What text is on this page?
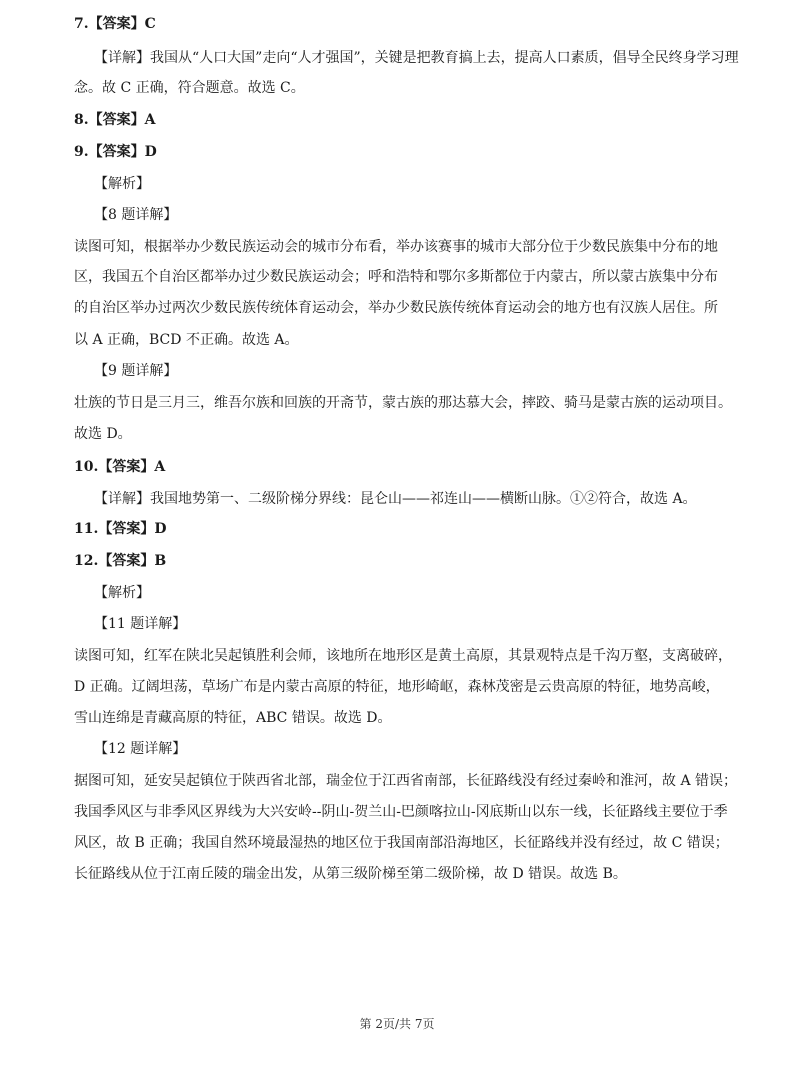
7.【答案】C
【详解】我国从“人口大国”走向“人才强国”，关键是把教育搞上去，提高人口素质，倡导全民终身学习理
念。故 C 正确，符合题意。故选 C。
8.【答案】A
9.【答案】D
【解析】
【8 题详解】
读图可知，根据举办少数民族运动会的城市分布看，举办该赛事的城市大部分位于少数民族集中分布的地
区，我国五个自治区都举办过少数民族运动会；呼和浩特和鄂尔多斯都位于内蒙古，所以蒙古族集中分布
的自治区举办过两次少数民族传统体育运动会，举办少数民族传统体育运动会的地方也有汉族人居住。所
以 A 正确，BCD 不正确。故选 A。
【9 题详解】
壮族的节日是三月三，维吾尔族和回族的开斋节，蒙古族的那达慕大会，摔跤、骑马是蒙古族的运动项目。
故选 D。
10.【答案】A
【详解】我国地势第一、二级阶梯分界线：昆仑山——祁连山——横断山脉。①②符合，故选 A。
11.【答案】D
12.【答案】B
【解析】
【11 题详解】
读图可知，红军在陕北吴起镇胜利会师，该地所在地形区是黄土高原，其景观特点是千沟万壑，支离破碎，
D 正确。辽阔坦荡，草场广布是内蒙古高原的特征，地形崎岖，森林茂密是云贵高原的特征，地势高峻，
雪山连绵是青藏高原的特征，ABC 错误。故选 D。
【12 题详解】
据图可知，延安吴起镇位于陕西省北部，瑞金位于江西省南部，长征路线没有经过秦岭和淮河，故 A 错误；
我国季风区与非季风区界线为大兴安岭--阴山-贺兰山-巴颜喀拉山-冈底斯山以东一线，长征路线主要位于季
风区，故 B 正确；我国自然环境最湿热的地区位于我国南部沿海地区，长征路线并没有经过，故 C 错误；
长征路线从位于江南丘陵的瑞金出发，从第三级阶梯至第二级阶梯，故 D 错误。故选 B。
第 2页/共 7页
